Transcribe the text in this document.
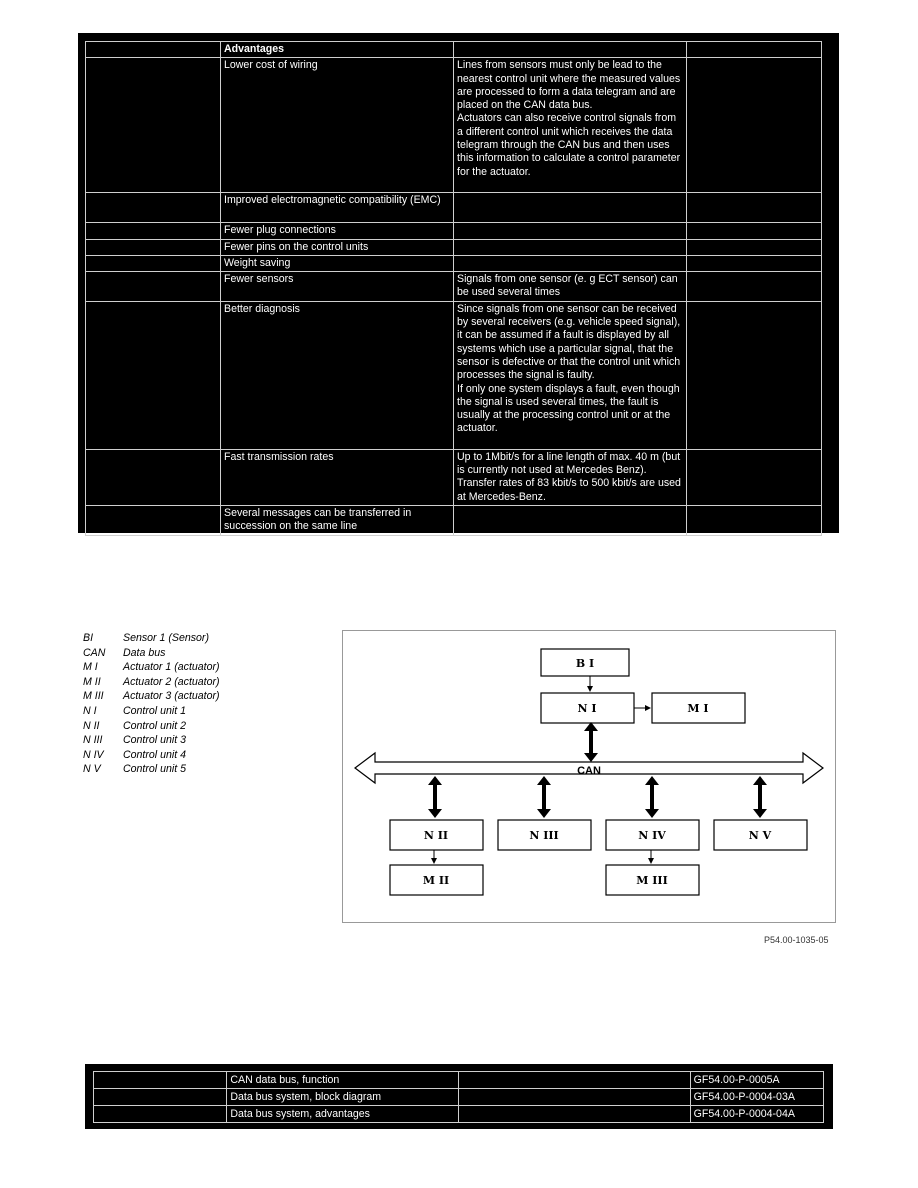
	Advantages		
	Lower cost of wiring	Lines from sensors must only be lead to the nearest control unit where the measured values are processed to form a data telegram and are placed on the CAN data bus.
Actuators can also receive control signals from a different control unit which receives the data telegram through the CAN bus and then uses this information to calculate a control parameter for the actuator.	
	Improved electromagnetic compatibility (EMC)		
	Fewer plug connections		
	Fewer pins on the control units		
	Weight saving		
	Fewer sensors	Signals from one sensor (e. g ECT sensor) can be used several times	
	Better diagnosis	Since signals from one sensor can be received by several receivers (e.g. vehicle speed signal), it can be assumed if a fault is displayed by all systems which use a particular signal, that the sensor is defective or that the control unit which processes the signal is faulty.
If only one system displays a fault, even though the signal is used several times, the fault is usually at the processing control unit or at the actuator.	
	Fast transmission rates	Up to 1Mbit/s for a line length of max. 40 m (but is currently not used at Mercedes Benz). Transfer rates of 83 kbit/s to 500 kbit/s are used at Mercedes-Benz.	
	Several messages can be transferred in succession on the same line		
BI	Sensor 1 (Sensor)
CAN	Data bus
M I	Actuator 1 (actuator)
M II	Actuator 2 (actuator)
M III	Actuator 3 (actuator)
N I	Control unit 1
N II	Control unit 2
N III	Control unit 3
N IV	Control unit 4
N V	Control unit 5	CAN
B I
N I	M I
N II	N III	N IV	N V
M II	M III
P54.00-1035-05
	CAN data bus, function		GF54.00-P-0005A
	Data bus system, block diagram		GF54.00-P-0004-03A
	Data bus system, advantages		GF54.00-P-0004-04A
